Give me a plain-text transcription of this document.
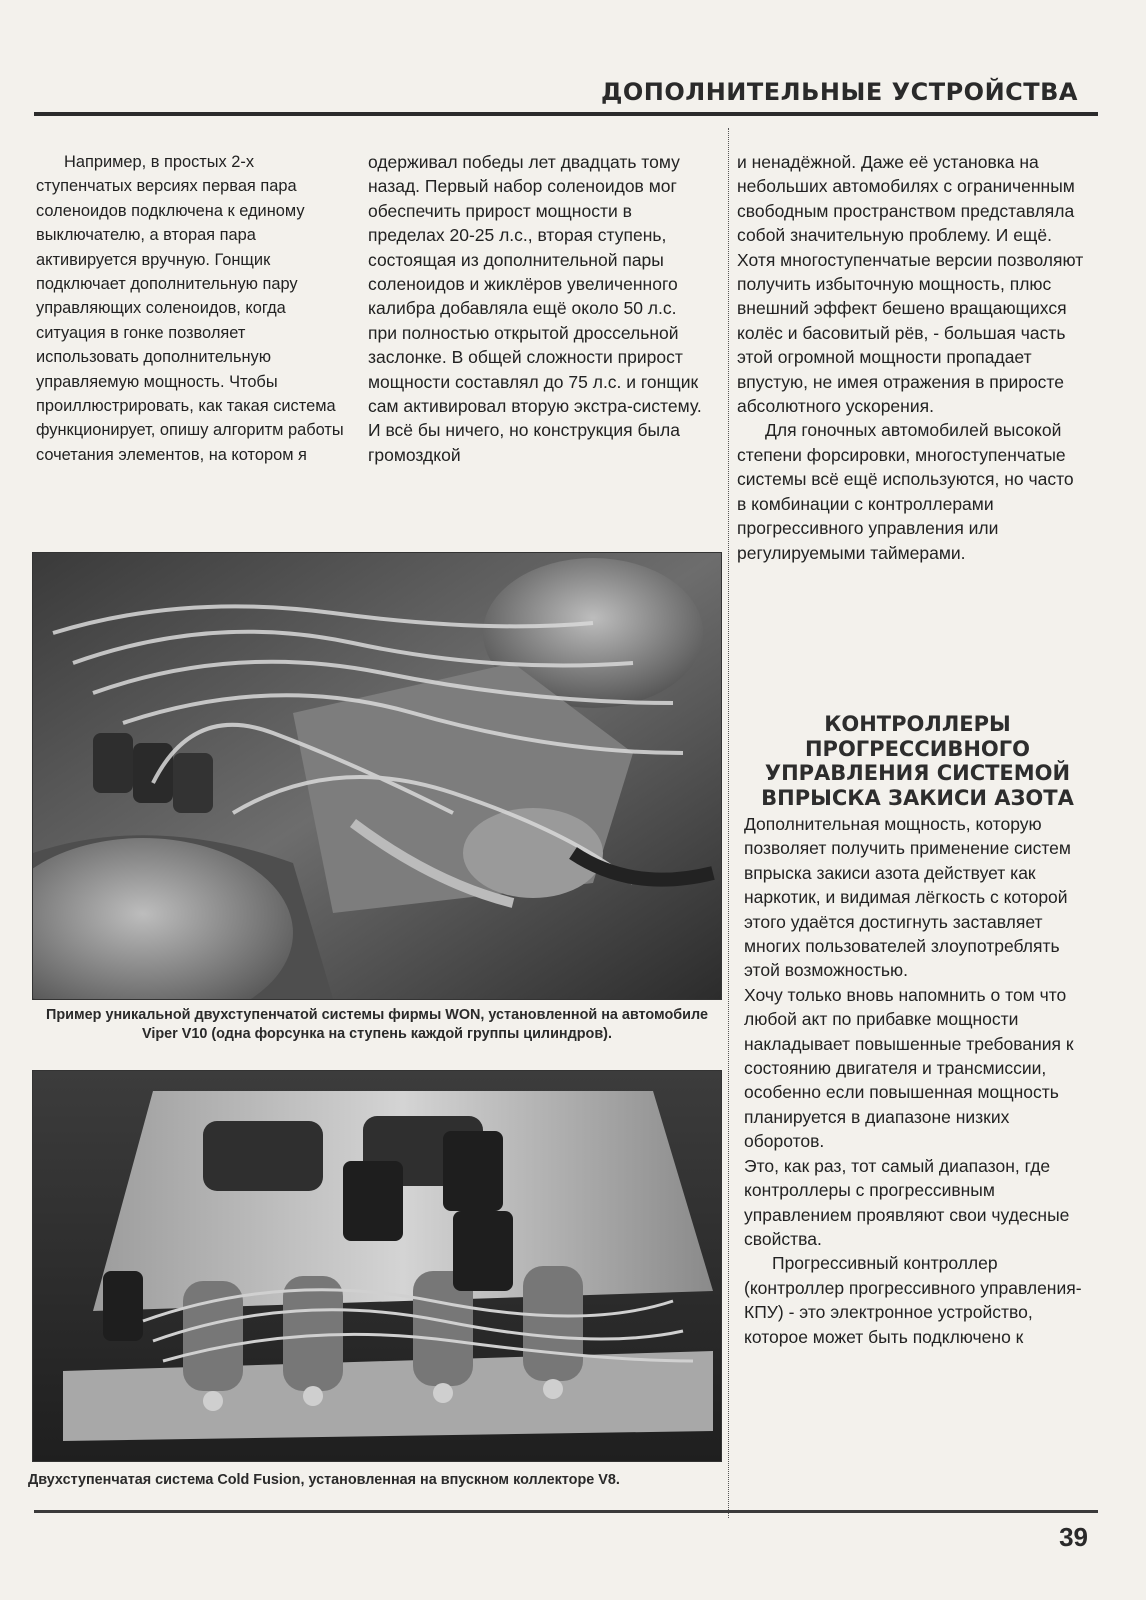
ДОПОЛНИТЕЛЬНЫЕ УСТРОЙСТВА

Например, в простых 2-х ступенчатых версиях первая пара соленоидов подключена к единому выключателю, а вторая пара активируется вручную. Гонщик подключает дополнительную пару управляющих соленоидов, когда ситуация в гонке позволяет использовать дополнительную управляемую мощность. Чтобы проиллюстрировать, как такая система функционирует, опишу алгоритм работы сочетания элементов, на котором я

одерживал победы лет двадцать тому назад. Первый набор соленоидов мог обеспечить прирост мощности в пределах 20-25 л.с., вторая ступень, состоящая из дополнительной пары соленоидов и жиклёров увеличенного калибра добавляла ещё около 50 л.с. при полностью открытой дроссельной заслонке. В общей сложности прирост мощности составлял до 75 л.с. и гонщик сам активировал вторую экстра-систему. И всё бы ничего, но конструкция была громоздкой

и ненадёжной. Даже её установка на небольших автомобилях с ограниченным свободным пространством представляла собой значительную проблему. И ещё. Хотя многоступенчатые версии позволяют получить избыточную мощность, плюс внешний эффект бешено вращающихся колёс и басовитый рёв, - большая часть этой огромной мощности пропадает впустую, не имея отражения в приросте абсолютного ускорения.

Для гоночных автомобилей высокой степени форсировки, многоступенчатые системы всё ещё используются, но часто в комбинации с контроллерами прогрессивного управления или регулируемыми таймерами.

КОНТРОЛЛЕРЫ ПРОГРЕССИВНОГО УПРАВЛЕНИЯ СИСТЕМОЙ ВПРЫСКА ЗАКИСИ АЗОТА

Дополнительная мощность, которую позволяет получить применение систем впрыска закиси азота действует как наркотик, и видимая лёгкость с которой этого удаётся достигнуть заставляет многих пользователей злоупотреблять этой возможностью.

Хочу только вновь напомнить о том что любой акт по прибавке мощности накладывает повышенные требования к состоянию двигателя и трансмиссии, особенно если повышенная мощность планируется в диапазоне низких оборотов.

Это, как раз, тот самый диапазон, где контроллеры с прогрессивным управлением проявляют свои чудесные свойства.

Прогрессивный контроллер (контроллер прогрессивного управления-КПУ) - это электронное устройство, которое может быть подключено к

Пример уникальной двухступенчатой системы фирмы WON, установленной на автомобиле Viper V10 (одна форсунка на ступень каждой группы цилиндров).
Двухступенчатая система Cold Fusion, установленная на впускном коллекторе V8.
39
